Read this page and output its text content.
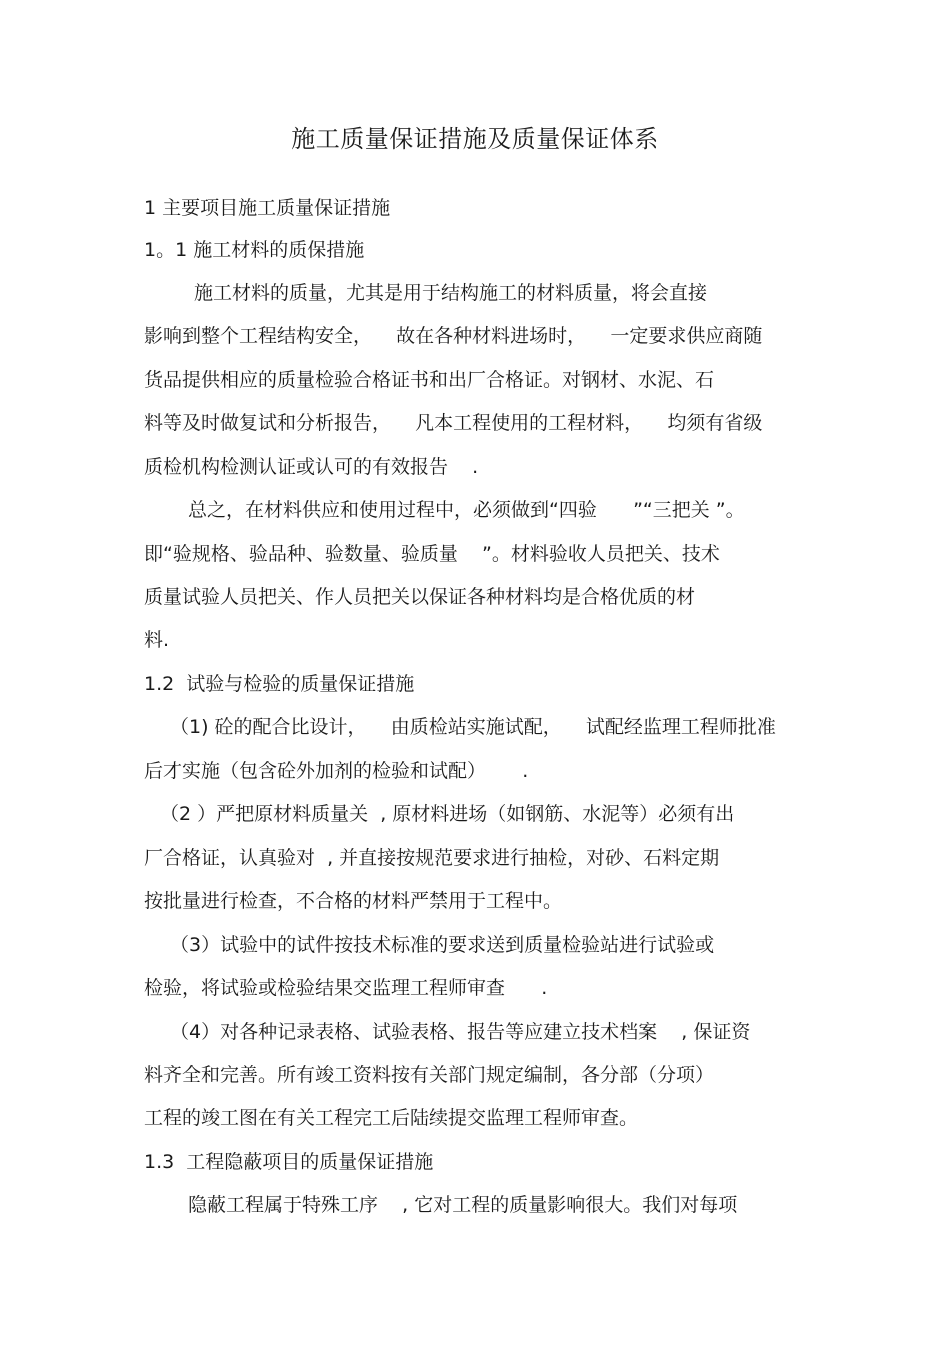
施工质量保证措施及质量保证体系
1 主要项目施工质量保证措施
1。1 施工材料的质保措施
施工材料的质量，尤其是用于结构施工的材料质量，将会直接
影响到整个工程结构安全，    故在各种材料进场时，    一定要求供应商随
货品提供相应的质量检验合格证书和出厂合格证。对钢材、水泥、石
料等及时做复试和分析报告，    凡本工程使用的工程材料，    均须有省级
质检机构检测认证或认可的有效报告    .
总之，在材料供应和使用过程中，必须做到“四验      ”“三把关 ”。
即“验规格、验品种、验数量、验质量    ”。材料验收人员把关、技术
质量试验人员把关、作人员把关以保证各种材料均是合格优质的材
料.
1.2  试验与检验的质量保证措施
（1) 砼的配合比设计，    由质检站实施试配，    试配经监理工程师批准
后才实施（包含砼外加剂的检验和试配）      .
（2 ）严把原材料质量关  , 原材料进场（如钢筋、水泥等）必须有出
厂合格证，认真验对  , 并直接按规范要求进行抽检，对砂、石料定期
按批量进行检查，不合格的材料严禁用于工程中。
（3）试验中的试件按技术标准的要求送到质量检验站进行试验或
检验，将试验或检验结果交监理工程师审查      .
（4）对各种记录表格、试验表格、报告等应建立技术档案    , 保证资
料齐全和完善。所有竣工资料按有关部门规定编制，各分部（分项）
工程的竣工图在有关工程完工后陆续提交监理工程师审查。
1.3  工程隐蔽项目的质量保证措施
隐蔽工程属于特殊工序    , 它对工程的质量影响很大。我们对每项
